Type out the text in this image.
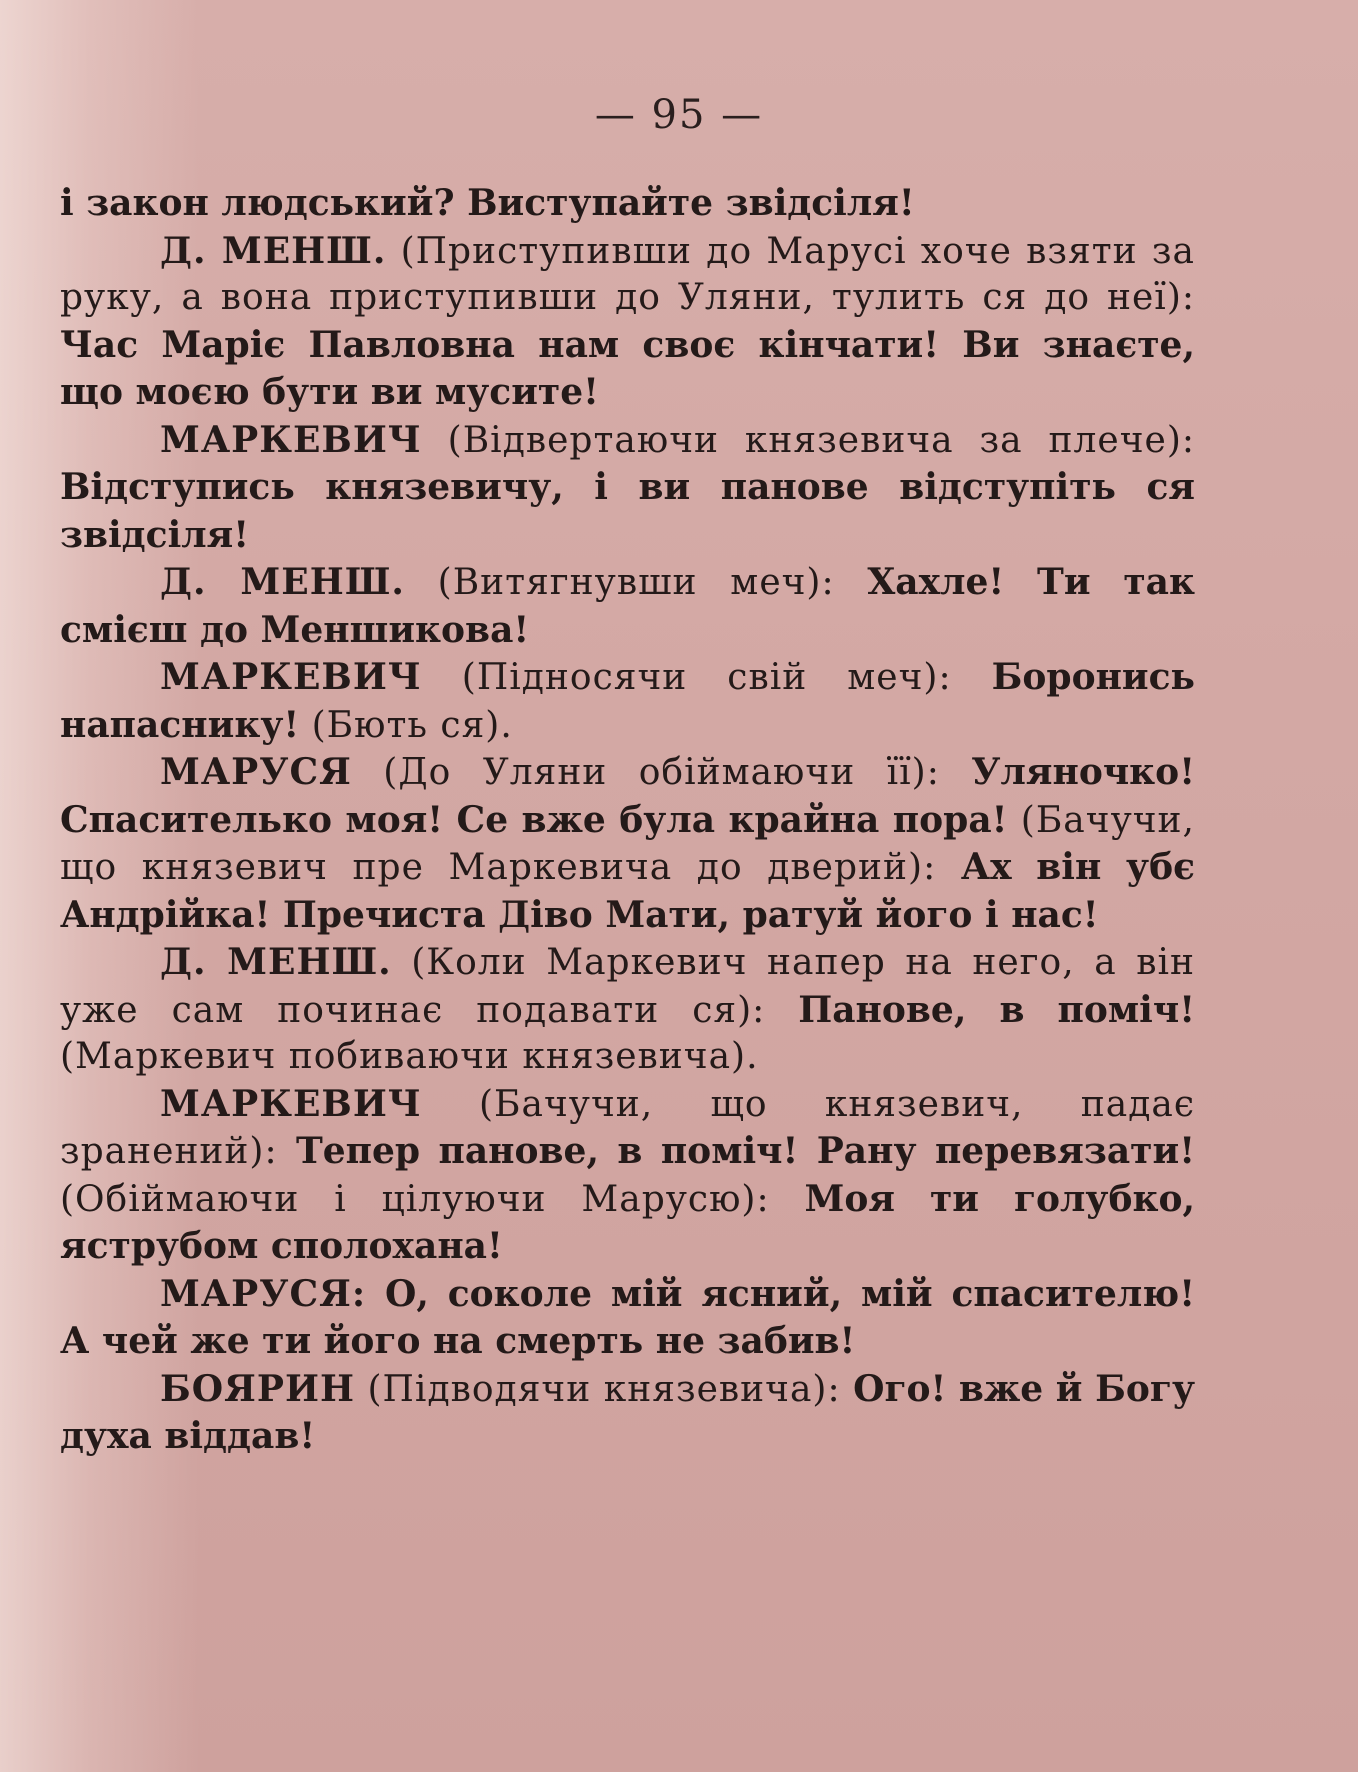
— 95 —

і закон людський? Виступайте звідсіля!

Д. МЕНШ. (Приступивши до Марусі хоче взяти за руку, а вона приступивши до Уляни, тулить ся до неї): Час Маріє Павловна нам своє кінчати! Ви знаєте, що моєю бути ви мусите!

МАРКЕВИЧ (Відвертаючи князевича за плече): Відступись князевичу, і ви панове відступіть ся звідсіля!

Д. МЕНШ. (Витягнувши меч): Хахле! Ти так смієш до Меншикова!

МАРКЕВИЧ (Підносячи свій меч): Боронись напаснику! (Бють ся).

МАРУСЯ (До Уляни обіймаючи її): Уляночко! Спасителько моя! Се вже була крайна пора! (Бачучи, що князевич пре Маркевича до дверий): Ах він убє Андрійка! Пречиста Діво Мати, ратуй його і нас!

Д. МЕНШ. (Коли Маркевич напер на него, а він уже сам починає подавати ся): Панове, в поміч! (Маркевич побиваючи князевича).

МАРКЕВИЧ (Бачучи, що князевич, падає зранений): Тепер панове, в поміч! Рану перевязати! (Обіймаючи і цілуючи Марусю): Моя ти голубко, яструбом сполохана!

МАРУСЯ: О, соколе мій ясний, мій спасителю! А чей же ти його на смерть не забив!

БОЯРИН (Підводячи князевича): Ого! вже й Богу духа віддав!
